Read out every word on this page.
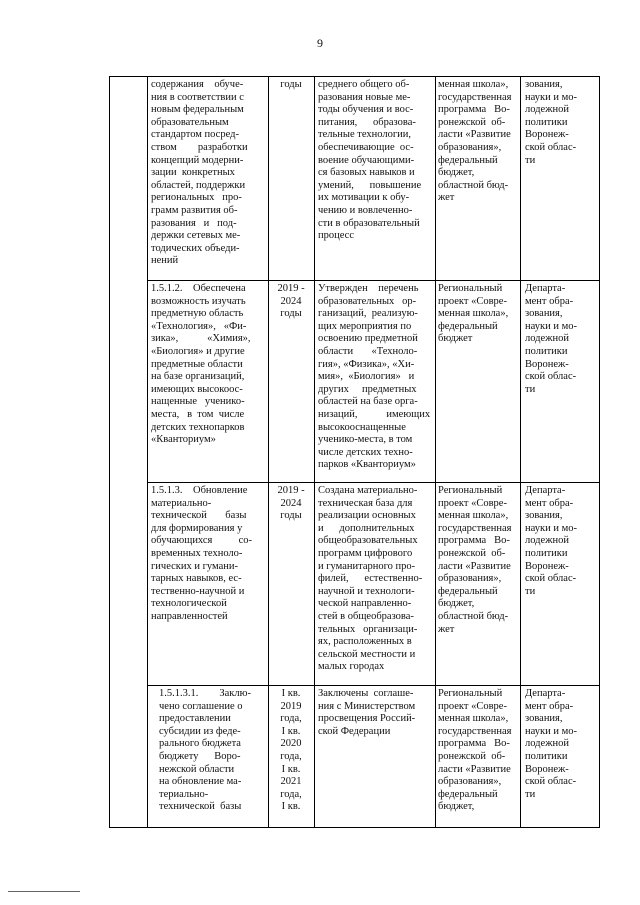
9
содержания    обуче-
ния в соответствии с
новым федеральным
образовательным
стандартом посред-
ством        разработки
концепций модерни-
зации  конкретных
областей, поддержки
региональных   про-
грамм развития об-
разования   и   под-
держки сетевых ме-
тодических объеди-
нений
годы	среднего общего об-
разования новые ме-
тоды обучения и вос-
питания,      образова-
тельные технологии,
обеспечивающие  ос-
воение обучающими-
ся базовых навыков и
умений,      повышение
их мотивации к обу-
чению и вовлеченно-
сти в образовательный
процесс
менная школа»,
государственная
программа   Во-
ронежской  об-
ласти «Развитие
образования»,
федеральный
бюджет,
областной бюд-
жет
зования,
науки и мо-
лодежной
политики
Воронеж-
ской облас-
ти
1.5.1.2.    Обеспечена
возможность изучать
предметную область
«Технология»,   «Фи-
зика»,           «Химия»,
«Биология» и другие
предметные области
на базе организаций,
имеющих высокоос-
нащенные   ученико-
места,   в  том  числе
детских технопарков
«Кванториум»
2019 -
2024
годы
Утвержден    перечень
образовательных   ор-
ганизаций,  реализую-
щих мероприятия по
освоению предметной
области       «Техноло-
гия», «Физика», «Хи-
мия»,  «Биология»   и
других     предметных
областей на базе орга-
низаций,           имеющих
высокооснащенные
ученико-места, в том
числе детских техно-
парков «Кванториум»
Региональный
проект «Совре-
менная школа»,
федеральный
бюджет
Департа-
мент обра-
зования,
науки и мо-
лодежной
политики
Воронеж-
ской облас-
ти
1.5.1.3.    Обновление
материально-
технической       базы
для формирования у
обучающихся          со-
временных техноло-
гических и гумани-
тарных навыков, ес-
тественно-научной и
технологической
направленностей
2019 -
2024
годы
Создана материально-
техническая база для
реализации основных
и      дополнительных
общеобразовательных
программ цифрового
и гуманитарного про-
филей,      естественно-
научной и технологи-
ческой направленно-
стей в общеобразова-
тельных   организаци-
ях, расположенных в
сельской местности и
малых городах
Региональный
проект «Совре-
менная школа»,
государственная
программа   Во-
ронежской  об-
ласти «Развитие
образования»,
федеральный
бюджет,
областной бюд-
жет
Департа-
мент обра-
зования,
науки и мо-
лодежной
политики
Воронеж-
ской облас-
ти
1.5.1.3.1.        Заклю-
чено соглашение о
предоставлении
субсидии из феде-
рального бюджета
бюджету      Воро-
нежской области
на обновление ма-
териально-
технической  базы
I кв.
2019
года,
I кв.
2020
года,
I кв.
2021
года,
I кв.
Заключены  соглаше-
ния с Министерством
просвещения Россий-
ской Федерации
Региональный
проект «Совре-
менная школа»,
государственная
программа   Во-
ронежской  об-
ласти «Развитие
образования»,
федеральный
бюджет,
Департа-
мент обра-
зования,
науки и мо-
лодежной
политики
Воронеж-
ской облас-
ти
